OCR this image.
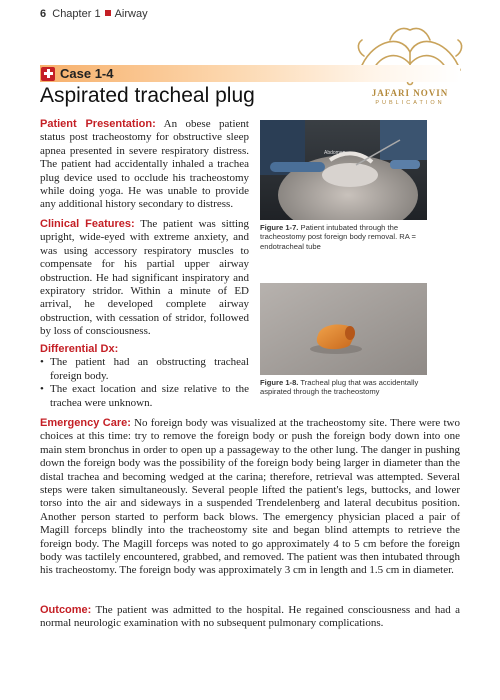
6 Chapter 1 Airway
JAFARI NOVIN
PUBLICATION
Case 1-4
Aspirated tracheal plug
Patient Presentation: An obese patient status post tracheostomy for obstructive sleep apnea presented in severe respiratory distress. The patient had accidentally inhaled a trachea plug device used to occlude his tracheostomy while doing yoga. He was unable to provide any additional history secondary to distress.
Clinical Features: The patient was sitting upright, wide-eyed with extreme anxiety, and was using accessory respiratory muscles to compensate for his partial upper airway obstruction. He had significant inspiratory and expiratory stridor. Within a minute of ED arrival, he developed complete airway obstruction, with cessation of stridor, followed by loss of consciousness.
Differential Dx:
• The patient had an obstructing tracheal foreign body.
• The exact location and size relative to the trachea were unknown.
Abdomen
Figure 1-7. Patient intubated through the tracheostomy post foreign body removal. RA = endotracheal tube
Figure 1-8. Tracheal plug that was accidentally aspirated through the tracheostomy
Emergency Care: No foreign body was visualized at the tracheostomy site. There were two choices at this time: try to remove the foreign body or push the foreign body down into one main stem bronchus in order to open up a passageway to the other lung. The danger in pushing down the foreign body was the possibility of the foreign body being larger in diameter than the distal trachea and becoming wedged at the carina; therefore, retrieval was attempted. Several steps were taken simultaneously. Several people lifted the patient's legs, buttocks, and lower torso into the air and sideways in a suspended Trendelenberg and lateral decubitus position. Another person started to perform back blows. The emergency physician placed a pair of Magill forceps blindly into the tracheostomy site and began blind attempts to retrieve the foreign body. The Magill forceps was noted to go approximately 4 to 5 cm before the foreign body was tactilely encountered, grabbed, and removed. The patient was then intubated through his tracheostomy. The foreign body was approximately 3 cm in length and 1.5 cm in diameter.
Outcome: The patient was admitted to the hospital. He regained consciousness and had a normal neurologic examination with no subsequent pulmonary complications.
